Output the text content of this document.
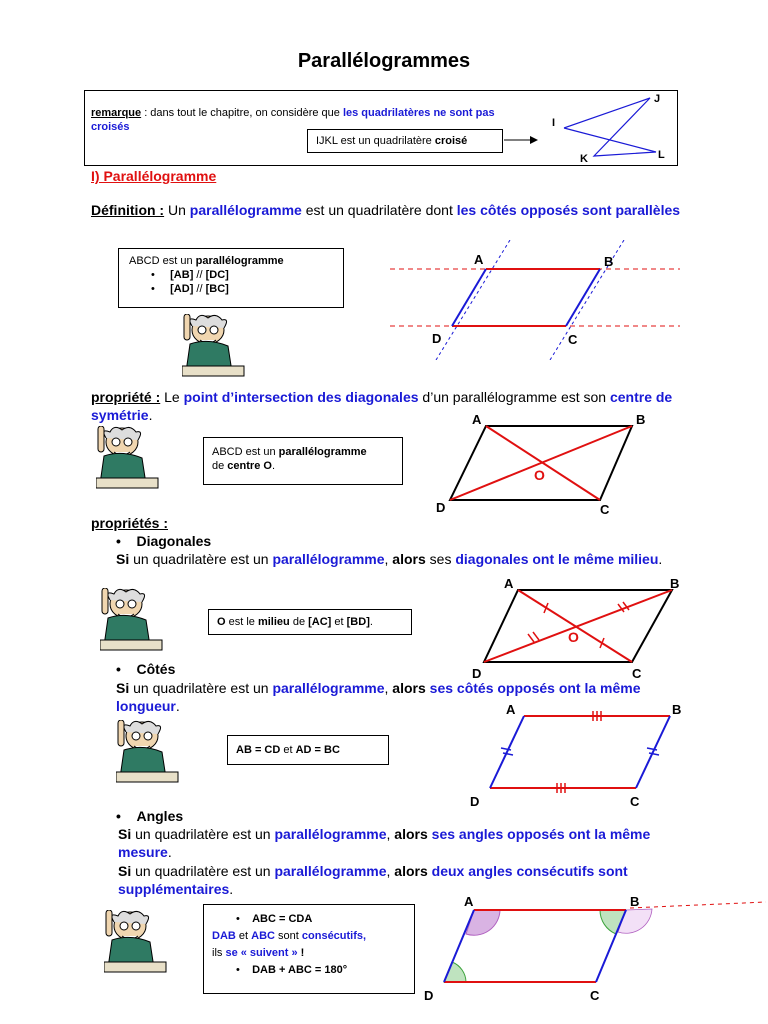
Parallélogrammes
remarque : dans tout le chapitre, on considère que les quadrilatères ne sont pas croisés
IJKL est un quadrilatère croisé
I
J
K	L
I) Parallélogramme
Définition : Un parallélogramme est un quadrilatère dont les côtés opposés sont parallèles
ABCD est un parallélogramme
•     [AB] // [DC]
•     [AD] // [BC]
A	B
D	C
propriété : Le point d’intersection des diagonales d’un parallélogramme est son centre de symétrie.
ABCD est un parallélogramme
de centre O.
A	B
D	C
O
propriétés :
•    Diagonales
Si un quadrilatère est un parallélogramme, alors ses diagonales ont le même milieu.
O est le milieu de [AC] et [BD].
A	B
D	C
O
•    Côtés
Si un quadrilatère est un parallélogramme, alors ses côtés opposés ont la même longueur.
AB = CD et AD = BC
A	B
D	C
•    Angles
Si un quadrilatère est un parallélogramme, alors ses angles opposés ont la même mesure.
Si un quadrilatère est un parallélogramme, alors deux angles consécutifs sont supplémentaires.
•    ABC = CDA
DAB et ABC sont consécutifs,
ils se « suivent » !
•    DAB + ABC = 180°
A	B
D	C
